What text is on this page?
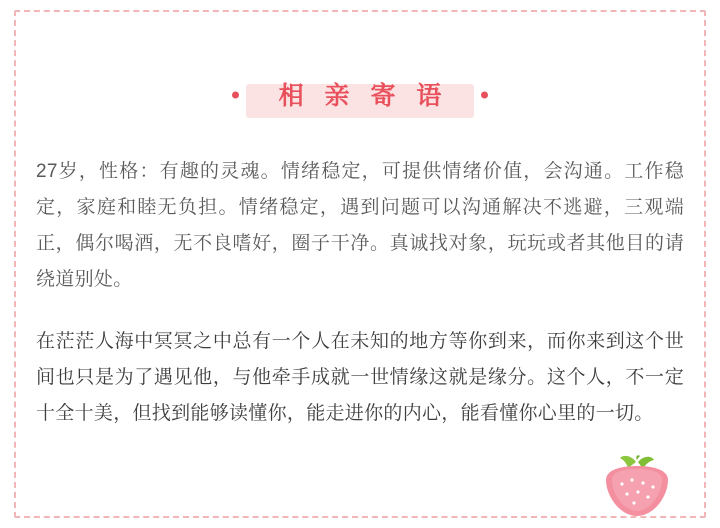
相 亲 寄 语

27岁，性格：有趣的灵魂。情绪稳定，可提供情绪价值，会沟通。工作稳定，家庭和睦无负担。情绪稳定，遇到问题可以沟通解决不逃避，三观端正，偶尔喝酒，无不良嗜好，圈子干净。真诚找对象，玩玩或者其他目的请绕道别处。

在茫茫人海中冥冥之中总有一个人在未知的地方等你到来，而你来到这个世间也只是为了遇见他，与他牵手成就一世情缘这就是缘分。这个人，不一定十全十美，但找到能够读懂你，能走进你的内心，能看懂你心里的一切。
